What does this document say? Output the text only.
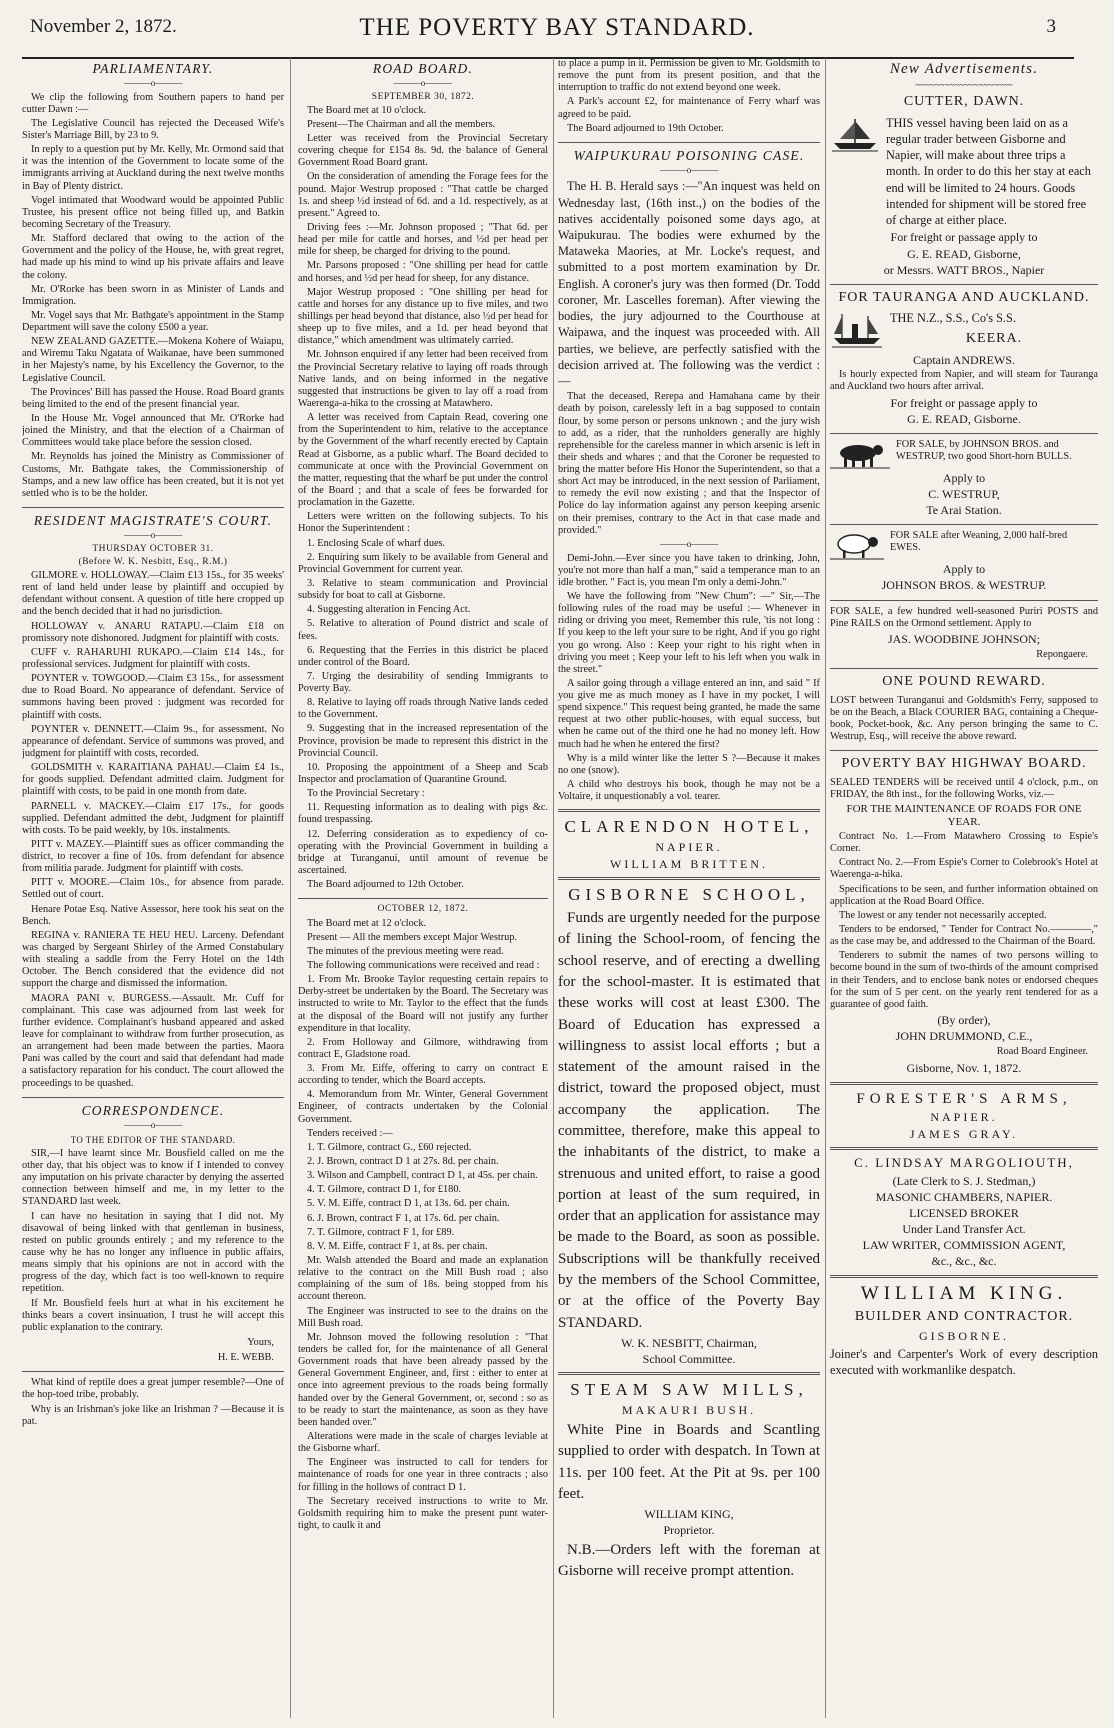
November 2, 1872.	THE POVERTY BAY STANDARD.	3
PARLIAMENTARY.
———o———

We clip the following from Southern papers to hand per cutter Dawn :—

The Legislative Council has rejected the Deceased Wife's Sister's Marriage Bill, by 23 to 9.

In reply to a question put by Mr. Kelly, Mr. Ormond said that it was the intention of the Government to locate some of the immigrants arriving at Auckland during the next twelve months in Bay of Plenty district.

Vogel intimated that Woodward would be appointed Public Trustee, his present office not being filled up, and Batkin becoming Secretary of the Treasury.

Mr. Stafford declared that owing to the action of the Government and the policy of the House, he, with great regret, had made up his mind to wind up his private affairs and leave the colony.

Mr. O'Rorke has been sworn in as Minister of Lands and Immigration.

Mr. Vogel says that Mr. Bathgate's appointment in the Stamp Department will save the colony £500 a year.

NEW ZEALAND GAZETTE.—Mokena Kohere of Waiapu, and Wiremu Taku Ngatata of Waikanae, have been summoned in her Majesty's name, by his Excellency the Governor, to the Legislative Council.

The Provinces' Bill has passed the House. Road Board grants being limited to the end of the present financial year.

In the House Mr. Vogel announced that Mr. O'Rorke had joined the Ministry, and that the election of a Chairman of Committees would take place before the session closed.

Mr. Reynolds has joined the Ministry as Commissioner of Customs, Mr. Bathgate takes, the Commissionership of Stamps, and a new law office has been created, but it is not yet settled who is to be the holder.

RESIDENT MAGISTRATE'S COURT.
———o———
THURSDAY OCTOBER 31.
(Before W. K. Nesbitt, Esq., R.M.)

GILMORE v. HOLLOWAY.—Claim £13 15s., for 35 weeks' rent of land held under lease by plaintiff and occupied by defendant without consent. A question of title here cropped up and the bench decided that it had no jurisdiction.

HOLLOWAY v. ANARU RATAPU.—Claim £18 on promissory note dishonored. Judgment for plaintiff with costs.

CUFF v. RAHARUHI RUKAPO.—Claim £14 14s., for professional services. Judgment for plaintiff with costs.

POYNTER v. TOWGOOD.—Claim £3 15s., for assessment due to Road Board. No appearance of defendant. Service of summons having been proved : judgment was recorded for plaintiff with costs.

POYNTER v. DENNETT.—Claim 9s., for assessment. No appearance of defendant. Service of summons was proved, and judgment for plaintiff with costs, recorded.

GOLDSMITH v. KARAITIANA PAHAU.—Claim £4 1s., for goods supplied. Defendant admitted claim. Judgment for plaintiff with costs, to be paid in one month from date.

PARNELL v. MACKEY.—Claim £17 17s., for goods supplied. Defendant admitted the debt, Judgment for plaintiff with costs. To be paid weekly, by 10s. instalments.

PITT v. MAZEY.—Plaintiff sues as officer commanding the district, to recover a fine of 10s. from defendant for absence from militia parade. Judgment for plaintiff with costs.

PITT v. MOORE.—Claim 10s., for absence from parade. Settled out of court.

Henare Potae Esq. Native Assessor, here took his seat on the Bench.

REGINA v. RANIERA TE HEU HEU. Larceny. Defendant was charged by Sergeant Shirley of the Armed Constabulary with stealing a saddle from the Ferry Hotel on the 14th October. The Bench considered that the evidence did not support the charge and dismissed the information.

MAORA PANI v. BURGESS.—Assault. Mr. Cuff for complainant. This case was adjourned from last week for further evidence. Complainant's husband appeared and asked leave for complainant to withdraw from further prosecution, as an arrangement had been made between the parties. Maora Pani was called by the court and said that defendant had made a satisfactory reparation for his conduct. The court allowed the proceedings to be quashed.

CORRESPONDENCE.
———o———
TO THE EDITOR OF THE STANDARD.

SIR,—I have learnt since Mr. Bousfield called on me the other day, that his object was to know if I intended to convey any imputation on his private character by denying the asserted connection between himself and me, in my letter to the STANDARD last week.

I can have no hesitation in saying that I did not. My disavowal of being linked with that gentleman in business, rested on public grounds entirely ; and my reference to the cause why he has no longer any influence in public affairs, means simply that his opinions are not in accord with the progress of the day, which fact is too well-known to require repetition.

If Mr. Bousfield feels hurt at what in his excitement he thinks bears a covert insinuation, I trust he will accept this public explanation to the contrary.

Yours,
H. E. WEBB.

What kind of reptile does a great jumper resemble?—One of the hop-toed tribe, probably.

Why is an Irishman's joke like an Irishman ? —Because it is pat.

ROAD BOARD.
———o———
SEPTEMBER 30, 1872.

The Board met at 10 o'clock.

Present—The Chairman and all the members.

Letter was received from the Provincial Secretary covering cheque for £154 8s. 9d. the balance of General Government Road Board grant.

On the consideration of amending the Forage fees for the pound. Major Westrup proposed : "That cattle be charged 1s. and sheep ½d instead of 6d. and a 1d. respectively, as at present." Agreed to.

Driving fees :—Mr. Johnson proposed ; "That 6d. per head per mile for cattle and horses, and ½d per head per mile for sheep, be charged for driving to the pound.

Mr. Parsons proposed : "One shilling per head for cattle and horses, and ½d per head for sheep, for any distance.

Major Westrup proposed : "One shilling per head for cattle and horses for any distance up to five miles, and two shillings per head beyond that distance, also ½d per head for sheep up to five miles, and a 1d. per head beyond that distance," which amendment was ultimately carried.

Mr. Johnson enquired if any letter had been received from the Provincial Secretary relative to laying off roads through Native lands, and on being informed in the negative suggested that instructions be given to lay off a road from Waerenga-a-hika to the crossing at Matawhero.

A letter was received from Captain Read, covering one from the Superintendent to him, relative to the acceptance by the Government of the wharf recently erected by Captain Read at Gisborne, as a public wharf. The Board decided to communicate at once with the Provincial Government on the matter, requesting that the wharf be put under the control of the Board ; and that a scale of fees be forwarded for proclamation in the Gazette.

Letters were written on the following subjects. To his Honor the Superintendent :

1. Enclosing Scale of wharf dues.

2. Enquiring sum likely to be available from General and Provincial Government for current year.

3. Relative to steam communication and Provincial subsidy for boat to call at Gisborne.

4. Suggesting alteration in Fencing Act.

5. Relative to alteration of Pound district and scale of fees.

6. Requesting that the Ferries in this district be placed under control of the Board.

7. Urging the desirability of sending Immigrants to Poverty Bay.

8. Relative to laying off roads through Native lands ceded to the Government.

9. Suggesting that in the increased representation of the Province, provision be made to represent this district in the Provincial Council.

10. Proposing the appointment of a Sheep and Scab Inspector and proclamation of Quarantine Ground.

To the Provincial Secretary :

11. Requesting information as to dealing with pigs &c. found trespassing.

12. Deferring consideration as to expediency of co-operating with the Provincial Government in building a bridge at Turanganui, until amount of revenue be ascertained.

The Board adjourned to 12th October.

OCTOBER 12, 1872.

The Board met at 12 o'clock.

Present — All the members except Major Westrup.

The minutes of the previous meeting were read.

The following communications were received and read :

1. From Mr. Brooke Taylor requesting certain repairs to Derby-street be undertaken by the Board. The Secretary was instructed to write to Mr. Taylor to the effect that the funds at the disposal of the Board will not justify any further expenditure in that locality.

2. From Holloway and Gilmore, withdrawing from contract E, Gladstone road.

3. From Mr. Eiffe, offering to carry on contract E according to tender, which the Board accepts.

4. Memorandum from Mr. Winter, General Government Engineer, of contracts undertaken by the Colonial Government.

Tenders received :—

1. T. Gilmore, contract G., £60 rejected.

2. J. Brown, contract D 1 at 27s. 8d. per chain.

3. Wilson and Campbell, contract D 1, at 45s. per chain.

4. T. Gilmore, contract D 1, for £180.

5. V. M. Eiffe, contract D 1, at 13s. 6d. per chain.

6. J. Brown, contract F 1, at 17s. 6d. per chain.

7. T. Gilmore, contract F 1, for £89.

8. V. M. Eiffe, contract F 1, at 8s. per chain.

Mr. Walsh attended the Board and made an explanation relative to the contract on the Mill Bush road ; also complaining of the sum of 18s. being stopped from his account thereon.

The Engineer was instructed to see to the drains on the Mill Bush road.

Mr. Johnson moved the following resolution : "That tenders be called for, for the maintenance of all General Government roads that have been already passed by the General Government Engineer, and, first : either to enter at once into agreement previous to the roads being formally handed over by the General Government, or, second : so as to be ready to start the maintenance, as soon as they have been handed over."

Alterations were made in the scale of charges leviable at the Gisborne wharf.

The Engineer was instructed to call for tenders for maintenance of roads for one year in three contracts ; also for filling in the hollows of contract D 1.

The Secretary received instructions to write to Mr. Goldsmith requiring him to make the present punt water-tight, to caulk it and

to place a pump in it. Permission be given to Mr. Goldsmith to remove the punt from its present position, and that the interruption to traffic do not extend beyond one week.

A Park's account £2, for maintenance of Ferry wharf was agreed to be paid.

The Board adjourned to 19th October.

WAIPUKURAU POISONING CASE.
———o———

The H. B. Herald says :—"An inquest was held on Wednesday last, (16th inst.,) on the bodies of the natives accidentally poisoned some days ago, at Waipukurau. The bodies were exhumed by the Mataweka Maories, at Mr. Locke's request, and submitted to a post mortem examination by Dr. English. A coroner's jury was then formed (Dr. Todd coroner, Mr. Lascelles foreman). After viewing the bodies, the jury adjourned to the Courthouse at Waipawa, and the inquest was proceeded with. All parties, we believe, are perfectly satisfied with the decision arrived at. The following was the verdict :—

That the deceased, Rerepa and Hamahana came by their death by poison, carelessly left in a bag supposed to contain flour, by some person or persons unknown ; and the jury wish to add, as a rider, that the runholders generally are highly reprehensible for the careless manner in which arsenic is left in their sheds and whares ; and that the Coroner be requested to bring the matter before His Honor the Superintendent, so that a short Act may be introduced, in the next session of Parliament, to remedy the evil now existing ; and that the Inspector of Police do lay information against any person keeping arsenic on their premises, contrary to the Act in that case made and provided."

———o———

Demi-John.—Ever since you have taken to drinking, John, you're not more than half a man," said a temperance man to an idle brother. " Fact is, you mean I'm only a demi-John."

We have the following from "New Chum": —" Sir,—The following rules of the road may be useful :— Whenever in riding or driving you meet, Remember this rule, 'tis not long : If you keep to the left your sure to be right, And if you go right you go wrong. Also : Keep your right to his right when in driving you meet ; Keep your left to his left when you walk in the street."

A sailor going through a village entered an inn, and said " If you give me as much money as I have in my pocket, I will spend sixpence." This request being granted, he made the same request at two other public-houses, with equal success, but when he came out of the third one he had no money left. How much had he when he entered the first?

Why is a mild winter like the letter S ?—Because it makes no one (snow).

A child who destroys his book, though he may not be a Voltaire, it unquestionably a vol. tearer.

CLARENDON HOTEL,
NAPIER.
WILLIAM BRITTEN.
GISBORNE SCHOOL,

Funds are urgently needed for the purpose of lining the School-room, of fencing the school reserve, and of erecting a dwelling for the school-master. It is estimated that these works will cost at least £300. The Board of Education has expressed a willingness to assist local efforts ; but a statement of the amount raised in the district, toward the proposed object, must accompany the application. The committee, therefore, make this appeal to the inhabitants of the district, to make a strenuous and united effort, to raise a good portion at least of the sum required, in order that an application for assistance may be made to the Board, as soon as possible. Subscriptions will be thankfully received by the members of the School Committee, or at the office of the Poverty Bay STANDARD.

W. K. NESBITT, Chairman,
School Committee.
STEAM SAW MILLS,
MAKAURI BUSH.

White Pine in Boards and Scantling supplied to order with despatch. In Town at 11s. per 100 feet. At the Pit at 9s. per 100 feet.

WILLIAM KING,
Proprietor.

N.B.—Orders left with the foreman at Gisborne will receive prompt attention.

New Advertisements.
~~~~~~~~~~~~~~~~~~~~
CUTTER, DAWN.
THIS vessel having been laid on as a regular trader between Gisborne and Napier, will make about three trips a month. In order to do this her stay at each end will be limited to 24 hours. Goods intended for shipment will be stored free of charge at either place.
For freight or passage apply to
G. E. READ, Gisborne,
or Messrs. WATT BROS., Napier
FOR TAURANGA AND AUCKLAND.
THE N.Z., S.S., Co's S.S.
KEERA.
Captain ANDREWS.

Is hourly expected from Napier, and will steam for Tauranga and Auckland two hours after arrival.

For freight or passage apply to
G. E. READ, Gisborne.
FOR SALE, by JOHNSON BROS. and WESTRUP, two good Short-horn BULLS.
Apply to
C. WESTRUP,
Te Arai Station.
FOR SALE after Weaning, 2,000 half-bred EWES.
Apply to
JOHNSON BROS. & WESTRUP.

FOR SALE, a few hundred well-seasoned Puriri POSTS and Pine RAILS on the Ormond settlement. Apply to

JAS. WOODBINE JOHNSON;
Repongaere.
ONE POUND REWARD.

LOST between Turanganui and Goldsmith's Ferry, supposed to be on the Beach, a Black COURIER BAG, containing a Cheque-book, Pocket-book, &c. Any person bringing the same to C. Westrup, Esq., will receive the above reward.

POVERTY BAY HIGHWAY BOARD.

SEALED TENDERS will be received until 4 o'clock, p.m., on FRIDAY, the 8th inst., for the following Works, viz.—

FOR THE MAINTENANCE OF ROADS FOR ONE YEAR.

Contract No. 1.—From Matawhero Crossing to Espie's Corner.

Contract No. 2.—From Espie's Corner to Colebrook's Hotel at Waerenga-a-hika.

Specifications to be seen, and further information obtained on application at the Road Board Office.

The lowest or any tender not necessarily accepted.

Tenders to be endorsed, " Tender for Contract No.————," as the case may be, and addressed to the Chairman of the Board.

Tenderers to submit the names of two persons willing to become bound in the sum of two-thirds of the amount comprised in their Tenders, and to enclose bank notes or endorsed cheques for the sum of 5 per cent. on the yearly rent tendered for as a guarantee of good faith.

(By order),
JOHN DRUMMOND, C.E.,
Road Board Engineer.
Gisborne, Nov. 1, 1872.
FORESTER'S ARMS,
NAPIER.
JAMES GRAY.
C. LINDSAY MARGOLIOUTH,
(Late Clerk to S. J. Stedman,)
MASONIC CHAMBERS, NAPIER.
LICENSED BROKER
Under Land Transfer Act.
LAW WRITER, COMMISSION AGENT,
&c., &c., &c.
WILLIAM KING.
BUILDER AND CONTRACTOR.
GISBORNE.

Joiner's and Carpenter's Work of every description executed with workmanlike despatch.
